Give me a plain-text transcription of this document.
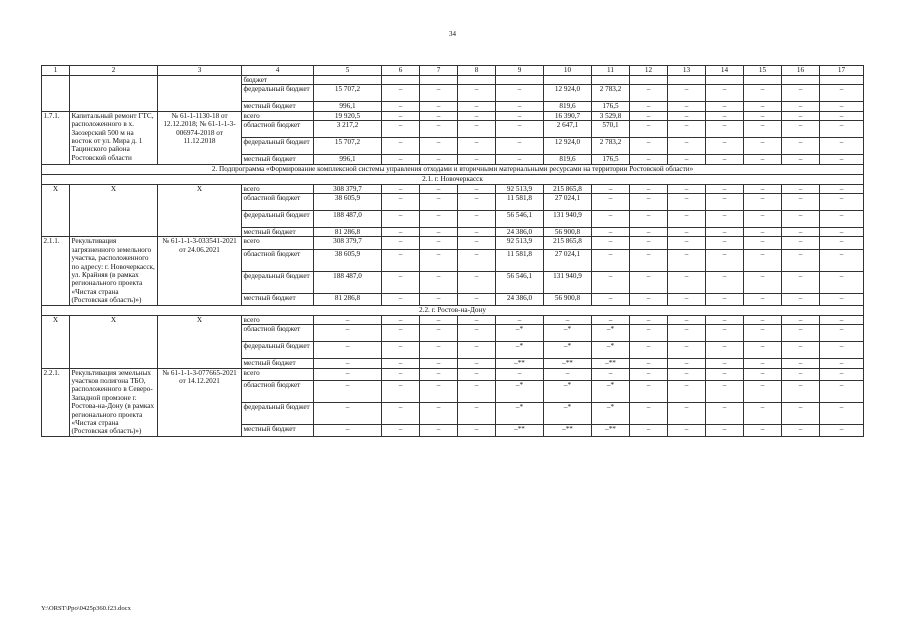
34
1	2	3	4	5	6	7	8	9	10	11	12	13	14	15	16	17
			бюджет													
			федеральный бюджет	15 707,2	–	–	–	–	12 924,0	2 783,2	–	–	–	–	–	–
			местный бюджет	996,1	–	–	–	–	819,6	176,5	–	–	–	–	–	–
1.7.1.	Капитальный ремонт ГТС, расположенного в х. Заозерский 500 м на восток от ул. Мира д. 1 Тацинского района Ростовской области	№ 61-1-1130-18 от 12.12.2018; № 61-1-1-3-006974-2018 от 11.12.2018	всего	19 920,5	–	–	–	–	16 390,7	3 529,8	–	–	–	–	–	–
			областной бюджет	3 217,2	–	–	–	–	2 647,1	570,1	–	–	–	–	–	–
			федеральный бюджет	15 707,2	–	–	–	–	12 924,0	2 783,2	–	–	–	–	–	–
			местный бюджет	996,1	–	–	–	–	819,6	176,5	–	–	–	–	–	–
2. Подпрограмма «Формирование комплексной системы управления отходами и вторичными материальными ресурсами на территории Ростовской области»																
2.1. г. Новочеркасск																
Х	Х	Х	всего	308 379,7	–	–	–	92 513,9	215 865,8	–	–	–	–	–	–	–
			областной бюджет	38 605,9	–	–	–	11 581,8	27 024,1	–	–	–	–	–	–	–
			федеральный бюджет	188 487,0	–	–	–	56 546,1	131 940,9	–	–	–	–	–	–	–
			местный бюджет	81 286,8	–	–	–	24 386,0	56 900,8	–	–	–	–	–	–	–
2.1.1.	Рекультивация загрязненного земельного участка, расположенного по адресу: г. Новочеркасск, ул. Крайняя (в рамках регионального проекта «Чистая страна (Ростовская область)»)	№ 61-1-1-3-033541-2021 от 24.06.2021	всего	308 379,7	–	–	–	92 513,9	215 865,8	–	–	–	–	–	–	–
			областной бюджет	38 605,9	–	–	–	11 581,8	27 024,1	–	–	–	–	–	–	–
			федеральный бюджет	188 487,0	–	–	–	56 546,1	131 940,9	–	–	–	–	–	–	–
			местный бюджет	81 286,8	–	–	–	24 386,0	56 900,8	–	–	–	–	–	–	–
2.2. г. Ростов-на-Дону																
Х	Х	Х	всего	–	–	–	–	–	–	–	–	–	–	–	–	–
			областной бюджет	–	–	–	–	–*	–*	–*	–	–	–	–	–	–
			федеральный бюджет	–	–	–	–	–*	–*	–*	–	–	–	–	–	–
			местный бюджет	–	–	–	–	–**	–**	–**	–	–	–	–	–	–
2.2.1.	Рекультивация земельных участков полигона ТБО, расположенного в Северо-Западной промзоне г. Ростова-на-Дону (в рамках регионального проекта «Чистая страна (Ростовская область)»)	№ 61-1-1-3-077665-2021 от 14.12.2021	всего	–	–	–	–	–	–	–	–	–	–	–	–	–
			областной бюджет	–	–	–	–	–*	–*	–*	–	–	–	–	–	–
			федеральный бюджет	–	–	–	–	–*	–*	–*	–	–	–	–	–	–
			местный бюджет	–	–	–	–	–**	–**	–**	–	–	–	–	–	–
Y:\ORST\Ppo\0425p360.f23.docx
